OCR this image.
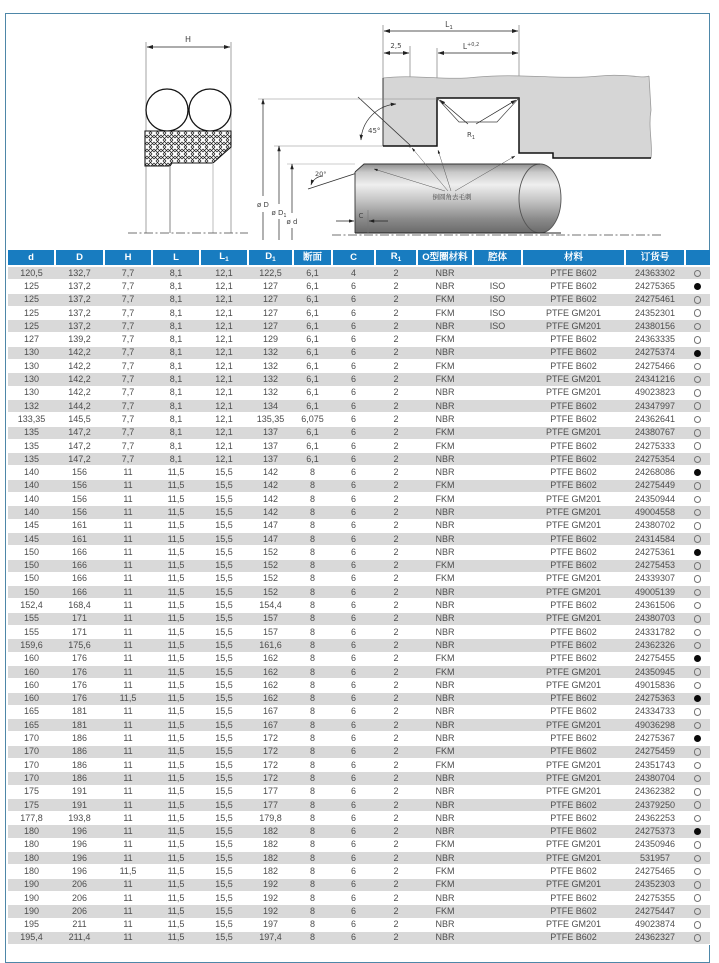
H
$L_1$
2,5	$L^{+0,2}$
$R_1$
45°
20°
ø D
ø $D_1$
ø d
C
倒圆角去毛刺
d	D	H	L	$L_1$	$D_1$	断面	C	$R_1$	O型圈材料	腔体	材料	订货号	
120,5	132,7	7,7	8,1	12,1	122,5	6,1	4	2	NBR		PTFE B602	24363302	
125	137,2	7,7	8,1	12,1	127	6,1	6	2	NBR	ISO	PTFE B602	24275365	
125	137,2	7,7	8,1	12,1	127	6,1	6	2	FKM	ISO	PTFE B602	24275461	
125	137,2	7,7	8,1	12,1	127	6,1	6	2	FKM	ISO	PTFE GM201	24352301	
125	137,2	7,7	8,1	12,1	127	6,1	6	2	NBR	ISO	PTFE GM201	24380156	
127	139,2	7,7	8,1	12,1	129	6,1	6	2	FKM		PTFE B602	24363335	
130	142,2	7,7	8,1	12,1	132	6,1	6	2	NBR		PTFE B602	24275374	
130	142,2	7,7	8,1	12,1	132	6,1	6	2	FKM		PTFE B602	24275466	
130	142,2	7,7	8,1	12,1	132	6,1	6	2	FKM		PTFE GM201	24341216	
130	142,2	7,7	8,1	12,1	132	6,1	6	2	NBR		PTFE GM201	49023823	
132	144,2	7,7	8,1	12,1	134	6,1	6	2	NBR		PTFE B602	24347997	
133,35	145,5	7,7	8,1	12,1	135,35	6,075	6	2	NBR		PTFE B602	24362641	
135	147,2	7,7	8,1	12,1	137	6,1	6	2	FKM		PTFE GM201	24380767	
135	147,2	7,7	8,1	12,1	137	6,1	6	2	FKM		PTFE B602	24275333	
135	147,2	7,7	8,1	12,1	137	6,1	6	2	NBR		PTFE B602	24275354	
140	156	11	11,5	15,5	142	8	6	2	NBR		PTFE B602	24268086	
140	156	11	11,5	15,5	142	8	6	2	FKM		PTFE B602	24275449	
140	156	11	11,5	15,5	142	8	6	2	FKM		PTFE GM201	24350944	
140	156	11	11,5	15,5	142	8	6	2	NBR		PTFE GM201	49004558	
145	161	11	11,5	15,5	147	8	6	2	NBR		PTFE GM201	24380702	
145	161	11	11,5	15,5	147	8	6	2	NBR		PTFE B602	24314584	
150	166	11	11,5	15,5	152	8	6	2	NBR		PTFE B602	24275361	
150	166	11	11,5	15,5	152	8	6	2	FKM		PTFE B602	24275453	
150	166	11	11,5	15,5	152	8	6	2	FKM		PTFE GM201	24339307	
150	166	11	11,5	15,5	152	8	6	2	NBR		PTFE GM201	49005139	
152,4	168,4	11	11,5	15,5	154,4	8	6	2	NBR		PTFE B602	24361506	
155	171	11	11,5	15,5	157	8	6	2	NBR		PTFE GM201	24380703	
155	171	11	11,5	15,5	157	8	6	2	NBR		PTFE B602	24331782	
159,6	175,6	11	11,5	15,5	161,6	8	6	2	NBR		PTFE B602	24362326	
160	176	11	11,5	15,5	162	8	6	2	FKM		PTFE B602	24275455	
160	176	11	11,5	15,5	162	8	6	2	FKM		PTFE GM201	24350945	
160	176	11	11,5	15,5	162	8	6	2	NBR		PTFE GM201	49015836	
160	176	11,5	11,5	15,5	162	8	6	2	NBR		PTFE B602	24275363	
165	181	11	11,5	15,5	167	8	6	2	NBR		PTFE B602	24334733	
165	181	11	11,5	15,5	167	8	6	2	NBR		PTFE GM201	49036298	
170	186	11	11,5	15,5	172	8	6	2	NBR		PTFE B602	24275367	
170	186	11	11,5	15,5	172	8	6	2	FKM		PTFE B602	24275459	
170	186	11	11,5	15,5	172	8	6	2	FKM		PTFE GM201	24351743	
170	186	11	11,5	15,5	172	8	6	2	NBR		PTFE GM201	24380704	
175	191	11	11,5	15,5	177	8	6	2	NBR		PTFE GM201	24362382	
175	191	11	11,5	15,5	177	8	6	2	NBR		PTFE B602	24379250	
177,8	193,8	11	11,5	15,5	179,8	8	6	2	NBR		PTFE B602	24362253	
180	196	11	11,5	15,5	182	8	6	2	NBR		PTFE B602	24275373	
180	196	11	11,5	15,5	182	8	6	2	FKM		PTFE GM201	24350946	
180	196	11	11,5	15,5	182	8	6	2	NBR		PTFE GM201	531957	
180	196	11,5	11,5	15,5	182	8	6	2	FKM		PTFE B602	24275465	
190	206	11	11,5	15,5	192	8	6	2	FKM		PTFE GM201	24352303	
190	206	11	11,5	15,5	192	8	6	2	NBR		PTFE B602	24275355	
190	206	11	11,5	15,5	192	8	6	2	FKM		PTFE B602	24275447	
195	211	11	11,5	15,5	197	8	6	2	NBR		PTFE GM201	49023874	
195,4	211,4	11	11,5	15,5	197,4	8	6	2	NBR		PTFE B602	24362327	
